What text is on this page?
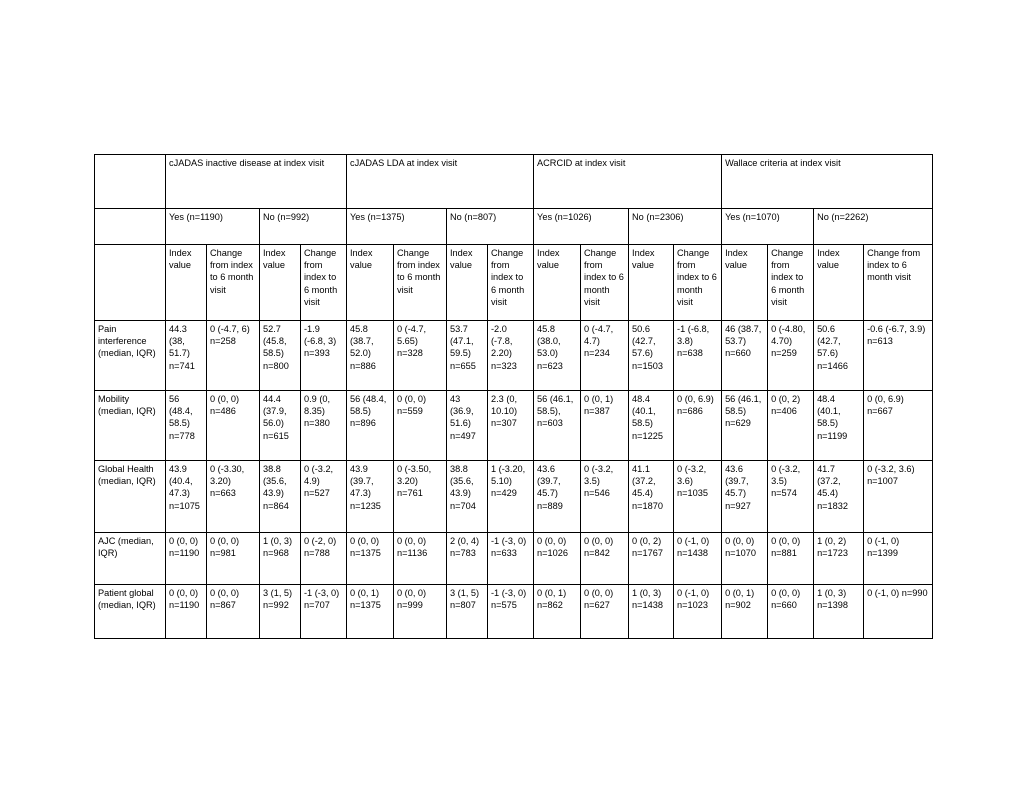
	cJADAS inactive disease at index visit				cJADAS LDA at index visit				ACRCID at index visit				Wallace criteria at index visit			
	Yes (n=1190)		No (n=992)		Yes (n=1375)		No (n=807)		Yes (n=1026)		No (n=2306)		Yes (n=1070)		No (n=2262)	
	Index value	Change from index to 6 month visit	Index value	Change from index to 6 month visit	Index value	Change from index to 6 month visit	Index value	Change from index to 6 month visit	Index value	Change from index to 6 month visit	Index value	Change from index to 6 month visit	Index value	Change from index to 6 month visit	Index value	Change from index to 6 month visit
Pain interference (median, IQR)	44.3 (38, 51.7) n=741	0 (-4.7, 6) n=258	52.7 (45.8, 58.5) n=800	-1.9 (-6.8, 3) n=393	45.8 (38.7, 52.0) n=886	0 (-4.7, 5.65) n=328	53.7 (47.1, 59.5) n=655	-2.0 (-7.8, 2.20) n=323	45.8 (38.0, 53.0) n=623	0 (-4.7, 4.7) n=234	50.6 (42.7, 57.6) n=1503	-1 (-6.8, 3.8) n=638	46 (38.7, 53.7) n=660	0 (-4.80, 4.70) n=259	50.6 (42.7, 57.6) n=1466	-0.6 (-6.7, 3.9) n=613
Mobility (median, IQR)	56 (48.4, 58.5) n=778	0 (0, 0) n=486	44.4 (37.9, 56.0) n=615	0.9 (0, 8.35) n=380	56 (48.4, 58.5) n=896	0 (0, 0) n=559	43 (36.9, 51.6) n=497	2.3 (0, 10.10) n=307	56 (46.1, 58.5), n=603	0 (0, 1) n=387	48.4 (40.1, 58.5) n=1225	0 (0, 6.9) n=686	56 (46.1, 58.5) n=629	0 (0, 2) n=406	48.4 (40.1, 58.5) n=1199	0 (0, 6.9) n=667
Global Health (median, IQR)	43.9 (40.4, 47.3) n=1075	0 (-3.30, 3.20) n=663	38.8 (35.6, 43.9) n=864	0 (-3.2, 4.9) n=527	43.9 (39.7, 47.3) n=1235	0 (-3.50, 3.20) n=761	38.8 (35.6, 43.9) n=704	1 (-3.20, 5.10) n=429	43.6 (39.7, 45.7) n=889	0 (-3.2, 3.5) n=546	41.1 (37.2, 45.4) n=1870	0 (-3.2, 3.6) n=1035	43.6 (39.7, 45.7) n=927	0 (-3.2, 3.5) n=574	41.7 (37.2, 45.4) n=1832	0 (-3.2, 3.6) n=1007
AJC (median, IQR)	0 (0, 0) n=1190	0 (0, 0) n=981	1 (0, 3) n=968	0 (-2, 0) n=788	0 (0, 0) n=1375	0 (0, 0) n=1136	2 (0, 4) n=783	-1 (-3, 0) n=633	0 (0, 0) n=1026	0 (0, 0) n=842	0 (0, 2) n=1767	0 (-1, 0) n=1438	0 (0, 0) n=1070	0 (0, 0) n=881	1 (0, 2) n=1723	0 (-1, 0) n=1399
Patient global (median, IQR)	0 (0, 0) n=1190	0 (0, 0) n=867	3 (1, 5) n=992	-1 (-3, 0) n=707	0 (0, 1) n=1375	0 (0, 0) n=999	3 (1, 5) n=807	-1 (-3, 0) n=575	0 (0, 1) n=862	0 (0, 0) n=627	1 (0, 3) n=1438	0 (-1, 0) n=1023	0 (0, 1) n=902	0 (0, 0) n=660	1 (0, 3) n=1398	0 (-1, 0) n=990
